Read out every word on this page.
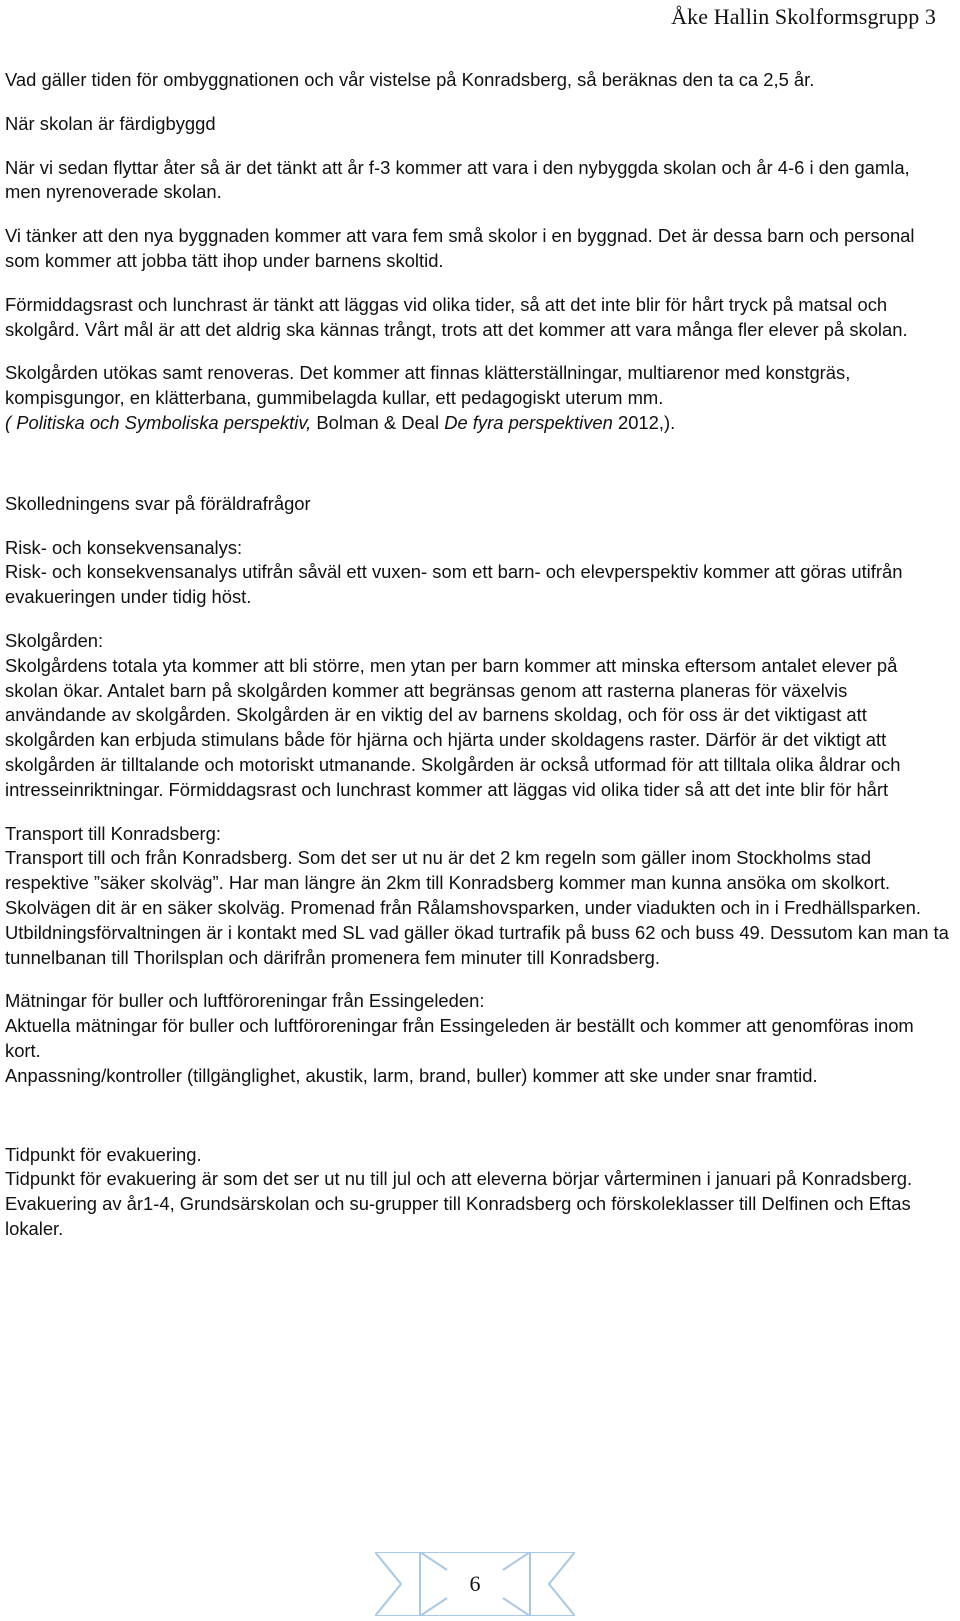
Åke Hallin Skolformsgrupp 3

Vad gäller tiden för ombyggnationen och vår vistelse på Konradsberg, så beräknas den ta ca 2,5 år.

När skolan är färdigbyggd

När vi sedan flyttar åter så är det tänkt att år f-3 kommer att vara i den nybyggda skolan och år 4-6 i den gamla, men nyrenoverade skolan.

Vi tänker att den nya byggnaden kommer att vara fem små skolor i en byggnad. Det är dessa barn och personal som kommer att jobba tätt ihop under barnens skoltid.

Förmiddagsrast och lunchrast är tänkt att läggas vid olika tider, så att det inte blir för hårt tryck på matsal och skolgård. Vårt mål är att det aldrig ska kännas trångt, trots att det kommer att vara många fler elever på skolan.

Skolgården utökas samt renoveras. Det kommer att finnas klätterställningar, multiarenor med konstgräs, kompisgungor, en klätterbana, gummibelagda kullar, ett pedagogiskt uterum mm.
( Politiska och Symboliska perspektiv, Bolman & Deal De fyra perspektiven 2012,).

Skolledningens svar på föräldrafrågor

Risk- och konsekvensanalys:
Risk- och konsekvensanalys utifrån såväl ett vuxen- som ett barn- och elevperspektiv kommer att göras utifrån evakueringen under tidig höst.

Skolgården:
Skolgårdens totala yta kommer att bli större, men ytan per barn kommer att minska eftersom antalet elever på skolan ökar. Antalet barn på skolgården kommer att begränsas genom att rasterna planeras för växelvis användande av skolgården. Skolgården är en viktig del av barnens skoldag, och för oss är det viktigast att skolgården kan erbjuda stimulans både för hjärna och hjärta under skoldagens raster. Därför är det viktigt att skolgården är tilltalande och motoriskt utmanande. Skolgården är också utformad för att tilltala olika åldrar och intresseinriktningar. Förmiddagsrast och lunchrast kommer att läggas vid olika tider så att det inte blir för hårt

Transport till Konradsberg:
Transport till och från Konradsberg. Som det ser ut nu är det 2 km regeln som gäller inom Stockholms stad respektive ”säker skolväg”. Har man längre än 2km till Konradsberg kommer man kunna ansöka om skolkort. Skolvägen dit är en säker skolväg. Promenad från Rålamshovsparken, under viadukten och in i Fredhällsparken. Utbildningsförvaltningen är i kontakt med SL vad gäller ökad turtrafik på buss 62 och buss 49. Dessutom kan man ta tunnelbanan till Thorilsplan och därifrån promenera fem minuter till Konradsberg.

Mätningar för buller och luftföroreningar från Essingeleden:
Aktuella mätningar för buller och luftföroreningar från Essingeleden är beställt och kommer att genomföras inom kort.
Anpassning/kontroller (tillgänglighet, akustik, larm, brand, buller) kommer att ske under snar framtid.

Tidpunkt för evakuering.
Tidpunkt för evakuering är som det ser ut nu till jul och att eleverna börjar vårterminen i januari på Konradsberg. Evakuering av år1-4, Grundsärskolan och su-grupper till Konradsberg och förskoleklasser till Delfinen och Eftas lokaler.

6
